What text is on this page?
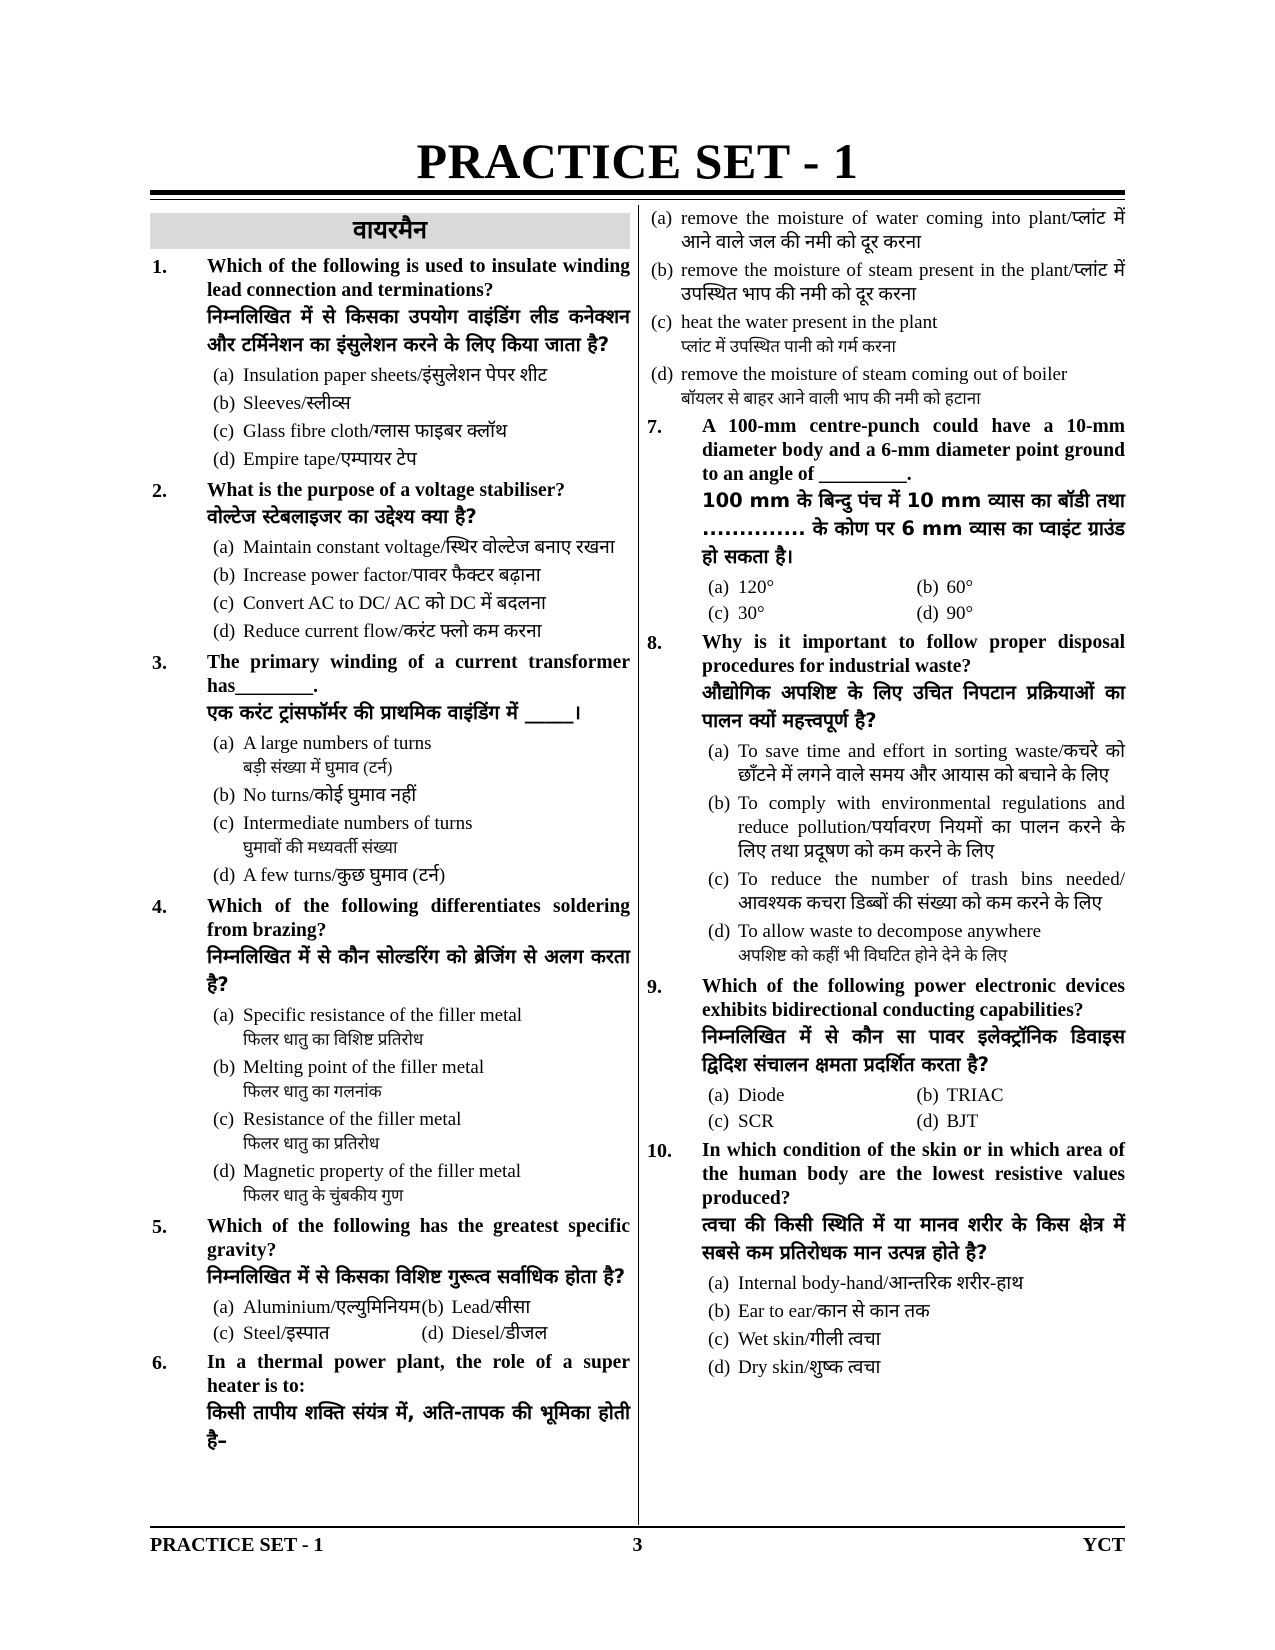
PRACTICE SET - 1
वायरमैन
1.	Which of the following is used to insulate winding lead connection and terminations?
निम्नलिखित में से किसका उपयोग वाइंडिंग लीड कनेक्शन और टर्मिनेशन का इंसुलेशन करने के लिए किया जाता है?
(a) Insulation paper sheets/इंसुलेशन पेपर शीट
(b) Sleeves/स्लीव्स
(c) Glass fibre cloth/ग्लास फाइबर क्लॉथ
(d) Empire tape/एम्पायर टेप
2.	What is the purpose of a voltage stabiliser?
वोल्टेज स्टेबलाइजर का उद्देश्य क्या है?
(a) Maintain constant voltage/स्थिर वोल्टेज बनाए रखना
(b) Increase power factor/पावर फैक्टर बढ़ाना
(c) Convert AC to DC/ AC को DC में बदलना
(d) Reduce current flow/करंट फ्लो कम करना
3.	The primary winding of a current transformer has________.
एक करंट ट्रांसफॉर्मर की प्राथमिक वाइंडिंग में _____।
(a) A large numbers of turns
बड़ी संख्या में घुमाव (टर्न)
(b) No turns/कोई घुमाव नहीं
(c) Intermediate numbers of turns
घुमावों की मध्यवर्ती संख्या
(d) A few turns/कुछ घुमाव (टर्न)
4.	Which of the following differentiates soldering from brazing?
निम्नलिखित में से कौन सोल्डरिंग को ब्रेजिंग से अलग करता है?
(a) Specific resistance of the filler metal
फिलर धातु का विशिष्ट प्रतिरोध
(b) Melting point of the filler metal
फिलर धातु का गलनांक
(c) Resistance of the filler metal
फिलर धातु का प्रतिरोध
(d) Magnetic property of the filler metal
फिलर धातु के चुंबकीय गुण
5.	Which of the following has the greatest specific gravity?
निम्नलिखित में से किसका विशिष्ट गुरूत्व सर्वाधिक होता है?
(a) Aluminium/एल्युमिनियम (b) Lead/सीसा
(c) Steel/इस्पात	(d) Diesel/डीजल
6.	In a thermal power plant, the role of a super heater is to:
किसी तापीय शक्ति संयंत्र में, अति-तापक की भूमिका होती है–
(a) remove the moisture of water coming into plant/प्लांट में आने वाले जल की नमी को दूर करना
(b) remove the moisture of steam present in the plant/प्लांट में उपस्थित भाप की नमी को दूर करना
(c) heat the water present in the plant
प्लांट में उपस्थित पानी को गर्म करना
(d) remove the moisture of steam coming out of boiler
बॉयलर से बाहर आने वाली भाप की नमी को हटाना
7.	A 100-mm centre-punch could have a 10-mm diameter body and a 6-mm diameter point ground to an angle of _________.
100 mm के बिन्दु पंच में 10 mm व्यास का बॉडी तथा .............. के कोण पर 6 mm व्यास का प्वाइंट ग्राउंड हो सकता है।
(a) 120°	(b) 60°
(c) 30°	(d) 90°
8.	Why is it important to follow proper disposal procedures for industrial waste?
औद्योगिक अपशिष्ट के लिए उचित निपटान प्रक्रियाओं का पालन क्यों महत्त्वपूर्ण है?
(a) To save time and effort in sorting waste/कचरे को छाँटने में लगने वाले समय और आयास को बचाने के लिए
(b) To comply with environmental regulations and reduce pollution/पर्यावरण नियमों का पालन करने के लिए तथा प्रदूषण को कम करने के लिए
(c) To reduce the number of trash bins needed/आवश्यक कचरा डिब्बों की संख्या को कम करने के लिए
(d) To allow waste to decompose anywhere
अपशिष्ट को कहीं भी विघटित होने देने के लिए
9.	Which of the following power electronic devices exhibits bidirectional conducting capabilities?
निम्नलिखित में से कौन सा पावर इलेक्ट्रॉनिक डिवाइस द्विदिश संचालन क्षमता प्रदर्शित करता है?
(a) Diode	(b) TRIAC
(c) SCR	(d) BJT
10.	In which condition of the skin or in which area of the human body are the lowest resistive values produced?
त्वचा की किसी स्थिति में या मानव शरीर के किस क्षेत्र में सबसे कम प्रतिरोधक मान उत्पन्न होते है?
(a) Internal body-hand/आन्तरिक शरीर-हाथ
(b) Ear to ear/कान से कान तक
(c) Wet skin/गीली त्वचा
(d) Dry skin/शुष्क त्वचा
PRACTICE SET - 1	3	YCT
